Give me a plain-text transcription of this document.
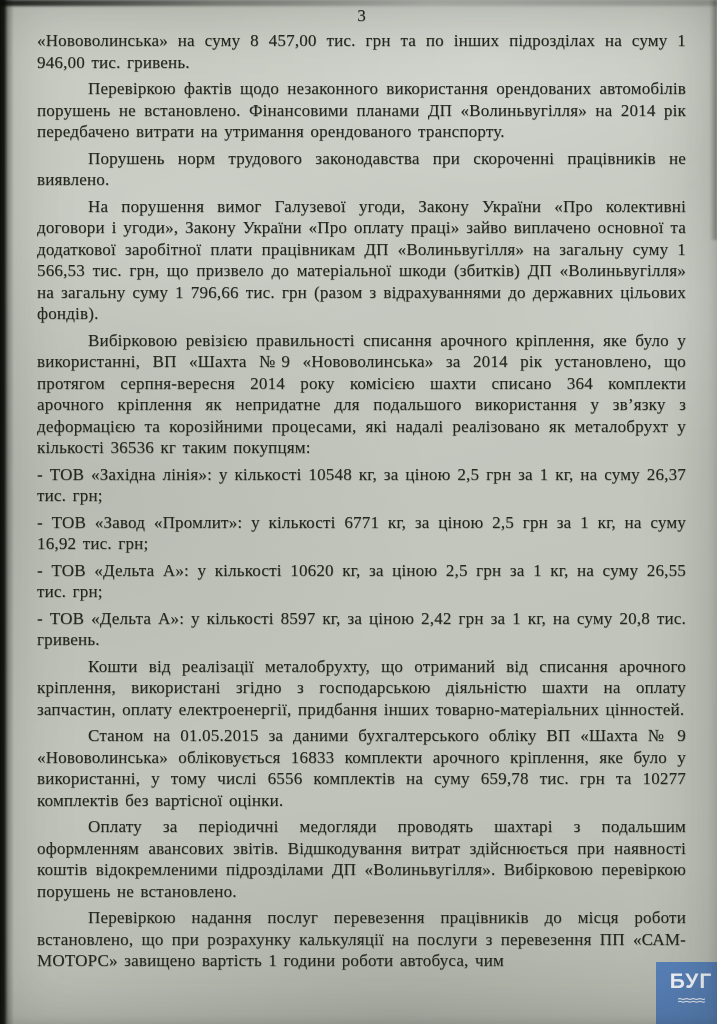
3

«Нововолинська» на суму 8 457,00 тис. грн та по інших підрозділах на суму 1 946,00 тис. гривень.

Перевіркою фактів щодо незаконного використання орендованих автомобілів порушень не встановлено. Фінансовими планами ДП «Волиньвугілля» на 2014 рік передбачено витрати на утримання орендованого транспорту.

Порушень норм трудового законодавства при скороченні працівників не виявлено.

На порушення вимог Галузевої угоди, Закону України «Про колективні договори і угоди», Закону України «Про оплату праці» зайво виплачено основної та додаткової заробітної плати працівникам ДП «Волиньвугілля» на загальну суму 1 566,53 тис. грн, що призвело до матеріальної шкоди (збитків) ДП «Волиньвугілля» на загальну суму 1 796,66 тис. грн (разом з відрахуваннями до державних цільових фондів).

Вибірковою ревізією правильності списання арочного кріплення, яке було у використанні, ВП «Шахта №9 «Нововолинська» за 2014 рік установлено, що протягом серпня-вересня 2014 року комісією шахти списано 364 комплекти арочного кріплення як непридатне для подальшого використання у зв’язку з деформацією та корозійними процесами, які надалі реалізовано як металобрухт у кількості 36536 кг таким покупцям:

- ТОВ «Західна лінія»: у кількості 10548 кг, за ціною 2,5 грн за 1 кг, на суму 26,37 тис. грн;

- ТОВ «Завод «Промлит»: у кількості 6771 кг, за ціною 2,5 грн за 1 кг, на суму 16,92 тис. грн;

- ТОВ «Дельта А»: у кількості 10620 кг, за ціною 2,5 грн за 1 кг, на суму 26,55 тис. грн;

- ТОВ «Дельта А»: у кількості 8597 кг, за ціною 2,42 грн за 1 кг, на суму 20,8 тис. гривень.

Кошти від реалізації металобрухту, що отриманий від списання арочного кріплення, використані згідно з господарською діяльністю шахти на оплату запчастин, оплату електроенергії, придбання інших товарно-матеріальних цінностей.

Станом на 01.05.2015 за даними бухгалтерського обліку ВП «Шахта № 9 «Нововолинська» обліковується 16833 комплекти арочного кріплення, яке було у використанні, у тому числі 6556 комплектів на суму 659,78 тис. грн та 10277 комплектів без вартісної оцінки.

Оплату за періодичні медогляди проводять шахтарі з подальшим оформленням авансових звітів. Відшкодування витрат здійснюється при наявності коштів відокремленими підрозділами ДП «Волиньвугілля». Вибірковою перевіркою порушень не встановлено.

Перевіркою надання послуг перевезення працівників до місця роботи встановлено, що при розрахунку калькуляції на послуги з перевезення ПП «САМ-МОТОРС» завищено вартість 1 години роботи автобуса, чим

БУГ
≈≈≈≈
